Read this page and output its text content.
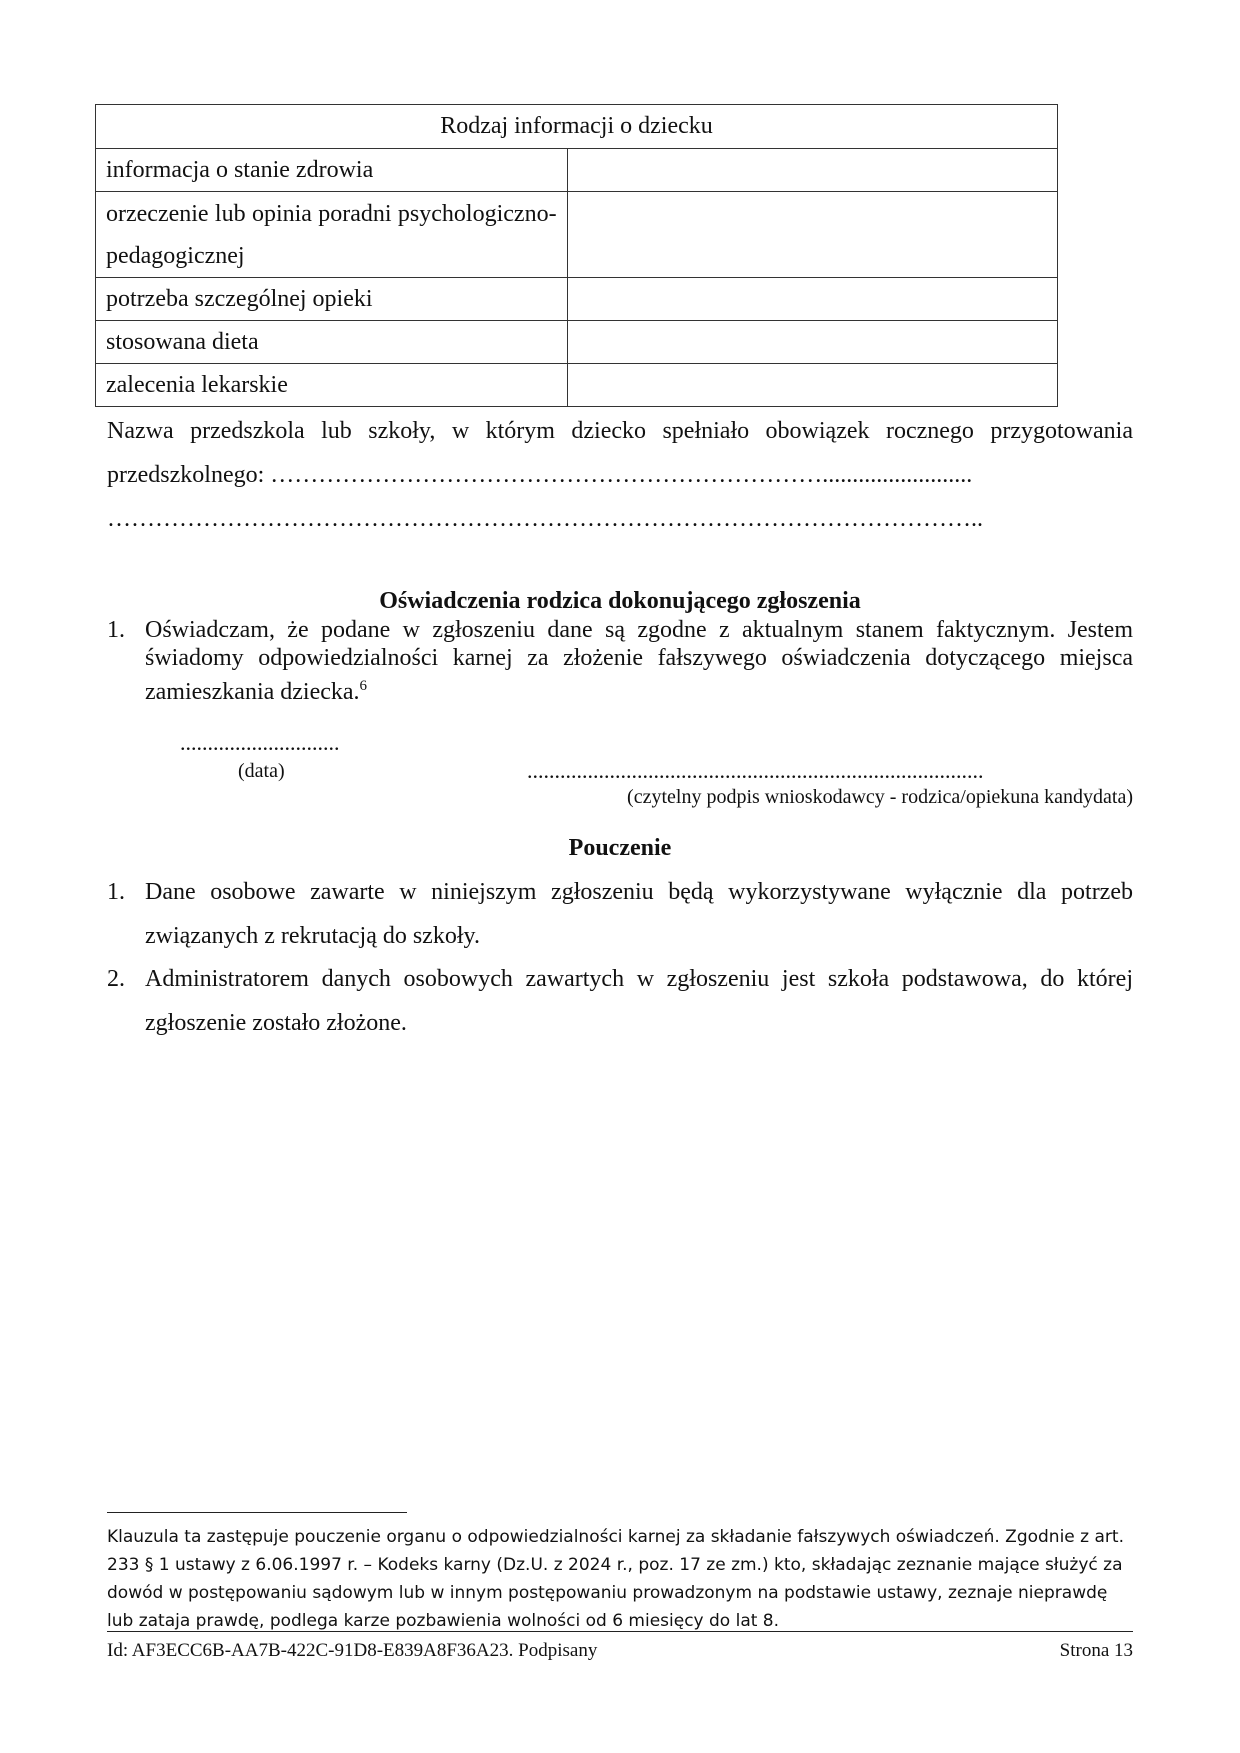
Rodzaj informacji o dziecku	
informacja o stanie zdrowia	
orzeczenie lub opinia poradni psychologiczno-pedagogicznej	
potrzeba szczególnej opieki	
stosowana dieta	
zalecenia lekarskie	
Nazwa przedszkola lub szkoły, w którym dziecko spełniało obowiązek rocznego przygotowania
przedszkolnego: …………………………………………………………….........................
………………………………………………………………………………………………..
Oświadczenia rodzica dokonującego zgłoszenia
1. Oświadczam, że podane w zgłoszeniu dane są zgodne z aktualnym stanem faktycznym. Jestem świadomy odpowiedzialności karnej za złożenie fałszywego oświadczenia dotyczącego miejsca zamieszkania dziecka.$^6$
.............................
(data)	...................................................................................
(czytelny podpis wnioskodawcy - rodzica/opiekuna kandydata)
Pouczenie
1. Dane osobowe zawarte w niniejszym zgłoszeniu będą wykorzystywane wyłącznie dla potrzeb
związanych z rekrutacją do szkoły.
2. Administratorem danych osobowych zawartych w zgłoszeniu jest szkoła podstawowa, do której
zgłoszenie zostało złożone.
Klauzula ta zastępuje pouczenie organu o odpowiedzialności karnej za składanie fałszywych oświadczeń. Zgodnie z art.
233 § 1 ustawy z 6.06.1997 r. – Kodeks karny (Dz.U. z 2024 r., poz. 17 ze zm.) kto, składając zeznanie mające służyć za
dowód w postępowaniu sądowym lub w innym postępowaniu prowadzonym na podstawie ustawy, zeznaje nieprawdę
lub zataja prawdę, podlega karze pozbawienia wolności od 6 miesięcy do lat 8.
Id: AF3ECC6B-AA7B-422C-91D8-E839A8F36A23. Podpisany	Strona 13
